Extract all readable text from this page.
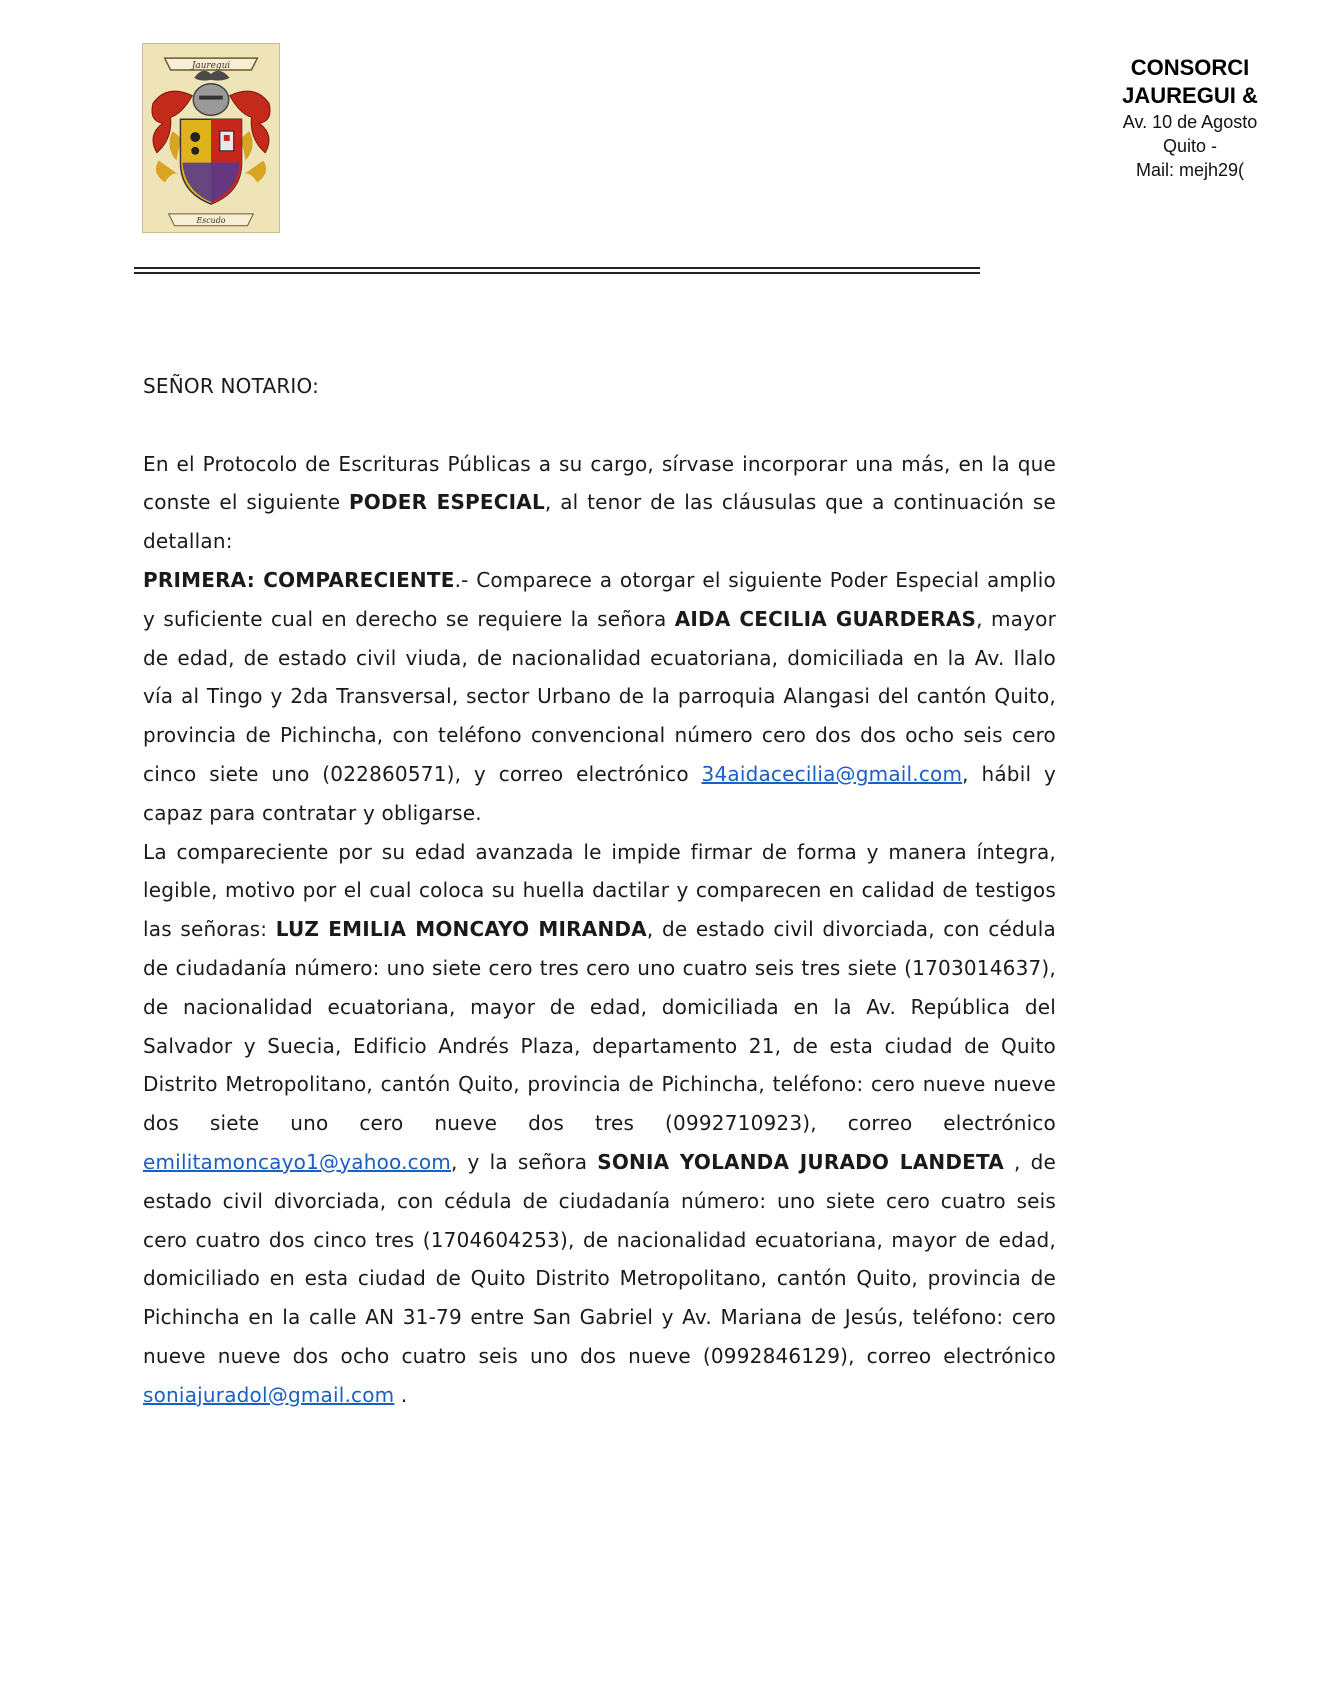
Jauregui
Escudo
CONSORCI
JAUREGUI &
Av. 10 de Agosto
Quito -
Mail: mejh29(

SEÑOR NOTARIO:

En el Protocolo de Escrituras Públicas a su cargo, sírvase incorporar una más, en la que conste el siguiente PODER ESPECIAL, al tenor de las cláusulas que a continuación se detallan:

PRIMERA: COMPARECIENTE.- Comparece a otorgar el siguiente Poder Especial amplio y suficiente cual en derecho se requiere la señora AIDA CECILIA GUARDERAS, mayor de edad, de estado civil viuda, de nacionalidad ecuatoriana, domiciliada en la Av. Ilalo vía al Tingo y 2da Transversal, sector Urbano de la parroquia Alangasi del cantón Quito, provincia de Pichincha, con teléfono convencional número cero dos dos ocho seis cero cinco siete uno (022860571), y correo electrónico 34aidacecilia@gmail.com, hábil y capaz para contratar y obligarse.

La compareciente por su edad avanzada le impide firmar de forma y manera íntegra, legible, motivo por el cual coloca su huella dactilar y comparecen en calidad de testigos las señoras: LUZ EMILIA MONCAYO MIRANDA, de estado civil divorciada, con cédula de ciudadanía número: uno siete cero tres cero uno cuatro seis tres siete (1703014637), de nacionalidad ecuatoriana, mayor de edad, domiciliada en la Av. República del Salvador y Suecia, Edificio Andrés Plaza, departamento 21, de esta ciudad de Quito Distrito Metropolitano, cantón Quito, provincia de Pichincha, teléfono: cero nueve nueve dos siete uno cero nueve dos tres (0992710923), correo electrónico emilitamoncayo1@yahoo.com, y la señora SONIA YOLANDA JURADO LANDETA , de estado civil divorciada, con cédula de ciudadanía número: uno siete cero cuatro seis cero cuatro dos cinco tres (1704604253), de nacionalidad ecuatoriana, mayor de edad, domiciliado en esta ciudad de Quito Distrito Metropolitano, cantón Quito, provincia de Pichincha en la calle AN 31-79 entre San Gabriel y Av. Mariana de Jesús, teléfono: cero nueve nueve dos ocho cuatro seis uno dos nueve (0992846129), correo electrónico soniajuradol@gmail.com .
